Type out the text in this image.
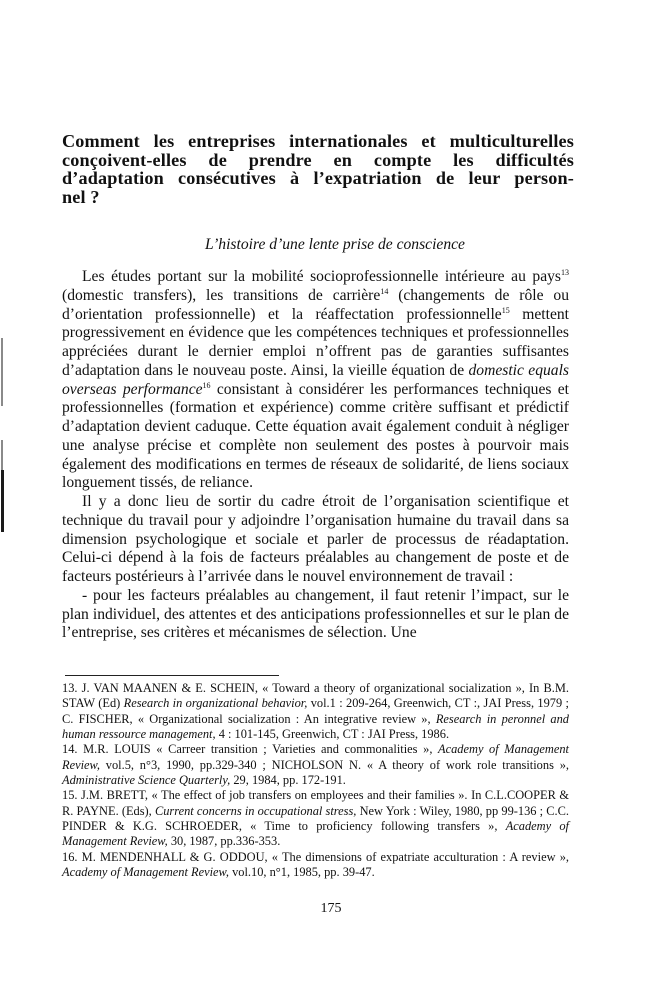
Comment les entreprises internationales et multiculturelles
conçoivent-elles de prendre en compte les difficultés
d’adaptation consécutives à l’expatriation de leur person-
nel ?
L’histoire d’une lente prise de conscience

Les études portant sur la mobilité socioprofessionnelle intérieure au pays$^{13}$ (domestic transfers), les transitions de carrière$^{14}$ (changements de rôle ou d’orientation professionnelle) et la réaffectation professionnelle$^{15}$ mettent progressivement en évidence que les compétences techniques et professionnelles appréciées durant le dernier emploi n’offrent pas de garanties suffisantes d’adaptation dans le nouveau poste. Ainsi, la vieille équation de domestic equals overseas performance$^{16}$ consistant à considérer les performances techniques et professionnelles (formation et expérience) comme critère suffisant et prédictif d’adaptation devient caduque. Cette équation avait également conduit à négliger une analyse précise et complète non seulement des postes à pourvoir mais également des modifications en termes de réseaux de solidarité, de liens sociaux longuement tissés, de reliance.

Il y a donc lieu de sortir du cadre étroit de l’organisation scientifique et technique du travail pour y adjoindre l’organisation humaine du travail dans sa dimension psychologique et sociale et parler de processus de réadaptation. Celui-ci dépend à la fois de facteurs préalables au changement de poste et de facteurs postérieurs à l’arrivée dans le nouvel environnement de travail :

- pour les facteurs préalables au changement, il faut retenir l’impact, sur le plan individuel, des attentes et des anticipations professionnelles et sur le plan de l’entreprise, ses critères et mécanismes de sélection. Une

13. J. VAN MAANEN & E. SCHEIN, « Toward a theory of organizational socialization », In B.M. STAW (Ed) Research in organizational behavior, vol.1 : 209-264, Greenwich, CT :, JAI Press, 1979 ; C. FISCHER, « Organizational socialization : An integrative review », Research in peronnel and human ressource management, 4 : 101-145, Greenwich, CT : JAI Press, 1986.

14. M.R. LOUIS « Carreer transition ; Varieties and commonalities », Academy of Management Review, vol.5, n°3, 1990, pp.329-340 ; NICHOLSON N. « A theory of work role transitions », Administrative Science Quarterly, 29, 1984, pp. 172-191.

15. J.M. BRETT, « The effect of job transfers on employees and their families ». In C.L.COOPER & R. PAYNE. (Eds), Current concerns in occupational stress, New York : Wiley, 1980, pp 99-136 ; C.C. PINDER & K.G. SCHROEDER, « Time to proficiency following transfers », Academy of Management Review, 30, 1987, pp.336-353.

16. M. MENDENHALL & G. ODDOU, « The dimensions of expatriate acculturation : A review », Academy of Management Review, vol.10, n°1, 1985, pp. 39-47.

175
